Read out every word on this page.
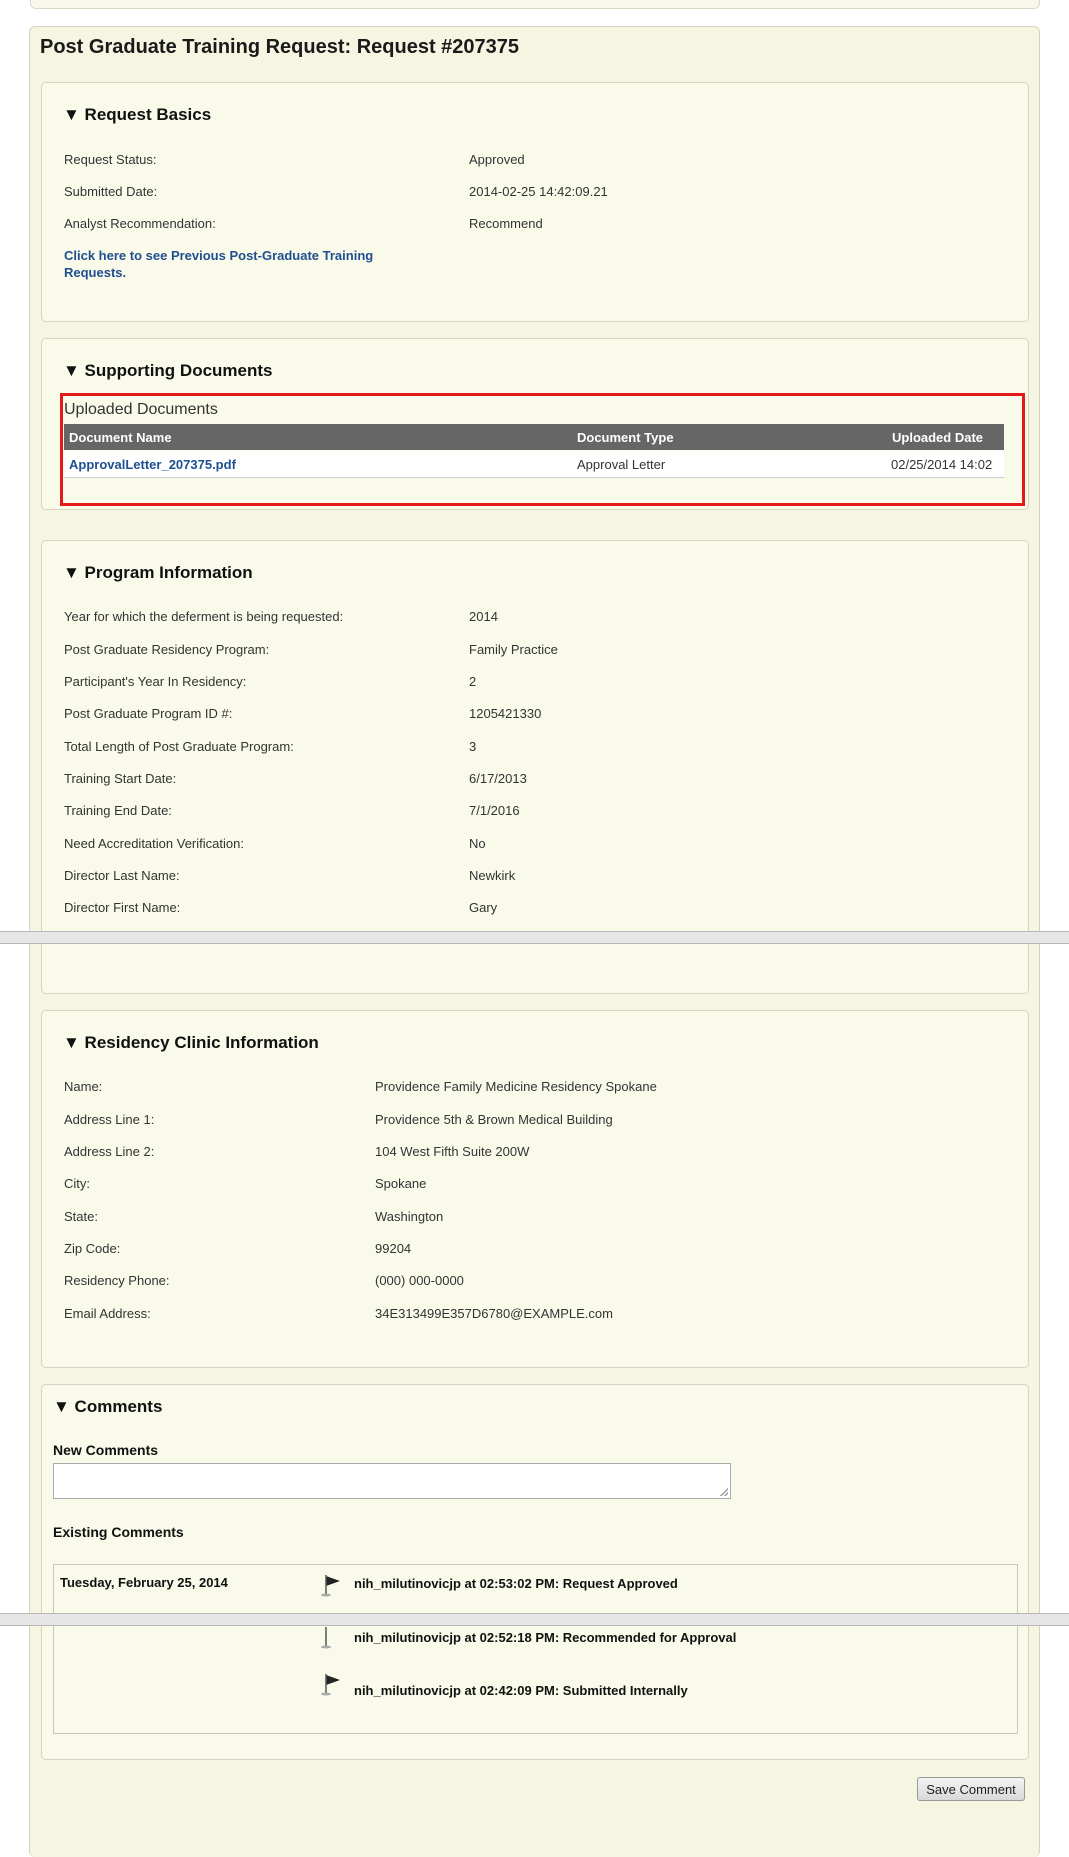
Post Graduate Training Request: Request #207375
▼ Request Basics
Request Status:	Approved
Submitted Date:	2014-02-25 14:42:09.21
Analyst Recommendation:	Recommend
Click here to see Previous Post-Graduate Training Requests.
▼ Supporting Documents
Uploaded Documents
Document Name	Document Type	Uploaded Date
ApprovalLetter_207375.pdf	Approval Letter	02/25/2014 14:02
▼ Program Information
Year for which the deferment is being requested:	2014
Post Graduate Residency Program:	Family Practice
Participant's Year In Residency:	2
Post Graduate Program ID #:	1205421330
Total Length of Post Graduate Program:	3
Training Start Date:	6/17/2013
Training End Date:	7/1/2016
Need Accreditation Verification:	No
Director Last Name:	Newkirk
Director First Name:	Gary
▼ Residency Clinic Information
Name:	Providence Family Medicine Residency Spokane
Address Line 1:	Providence 5th & Brown Medical Building
Address Line 2:	104 West Fifth Suite 200W
City:	Spokane
State:	Washington
Zip Code:	99204
Residency Phone:	(000) 000-0000
Email Address:	34E313499E357D6780@EXAMPLE.com
▼ Comments
New Comments
Existing Comments
Tuesday, February 25, 2014	nih_milutinovicjp at 02:53:02 PM: Request Approved
nih_milutinovicjp at 02:52:18 PM: Recommended for Approval
nih_milutinovicjp at 02:42:09 PM: Submitted Internally
Save Comment
